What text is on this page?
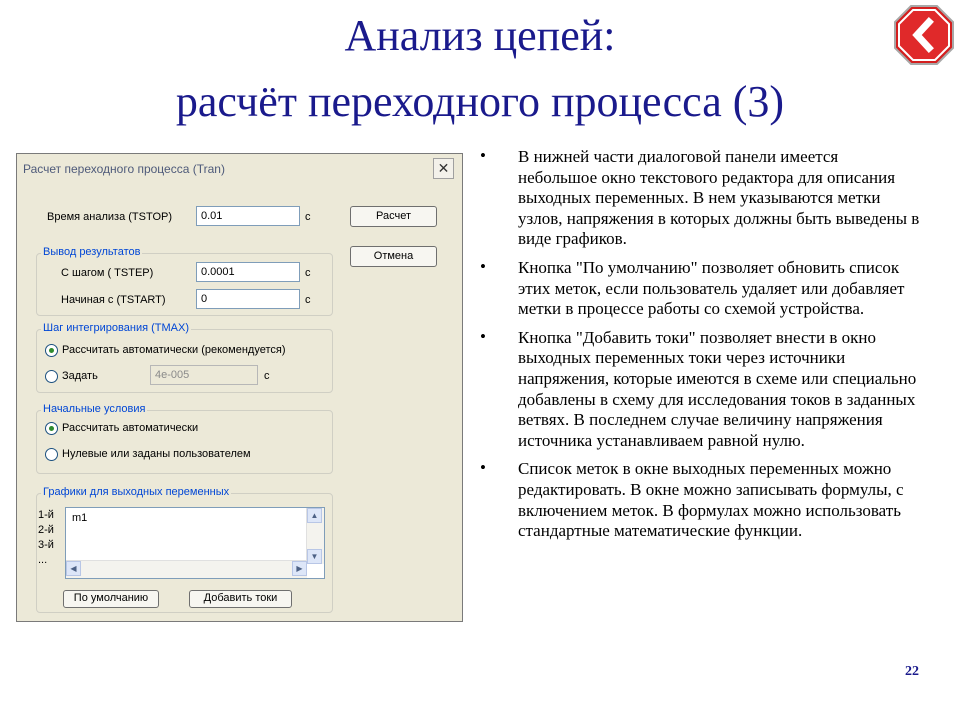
Анализ цепей:
расчёт переходного процесса (3)
Расчет переходного процесса (Tran)	✕
Время анализа (TSTOP)	0.01	c	Расчет
Отмена
Вывод результатов
С шагом ( TSTEP)	0.0001	c
Начиная с (TSTART)	0	c
Шаг интегрирования (TMAX)
Рассчитать автоматически (рекомендуется)
Задать	4e-005	c
Начальные условия
Рассчитать автоматически
Нулевые или заданы пользователем
Графики для выходных переменных
1-й
2-й
3-й
...
m1	▲
▼
◀	▶
По умолчанию	Добавить токи
• В нижней части диалоговой панели имеется небольшое окно текстового редактора для описания выходных переменных. В нем указываются метки узлов, напряжения в которых должны быть выведены в виде графиков.
• Кнопка "По умолчанию" позволяет обновить список этих меток, если пользователь удаляет или добавляет метки в процессе работы со схемой устройства.
• Кнопка "Добавить токи" позволяет внести в окно выходных переменных токи через источники напряжения, которые имеются в схеме или специально добавлены в схему для исследования токов в заданных ветвях. В последнем случае величину напряжения источника устанавливаем равной нулю.
• Список меток в окне выходных переменных можно редактировать. В окне можно записывать формулы, с включением меток. В формулах можно использовать стандартные математические функции.
22
